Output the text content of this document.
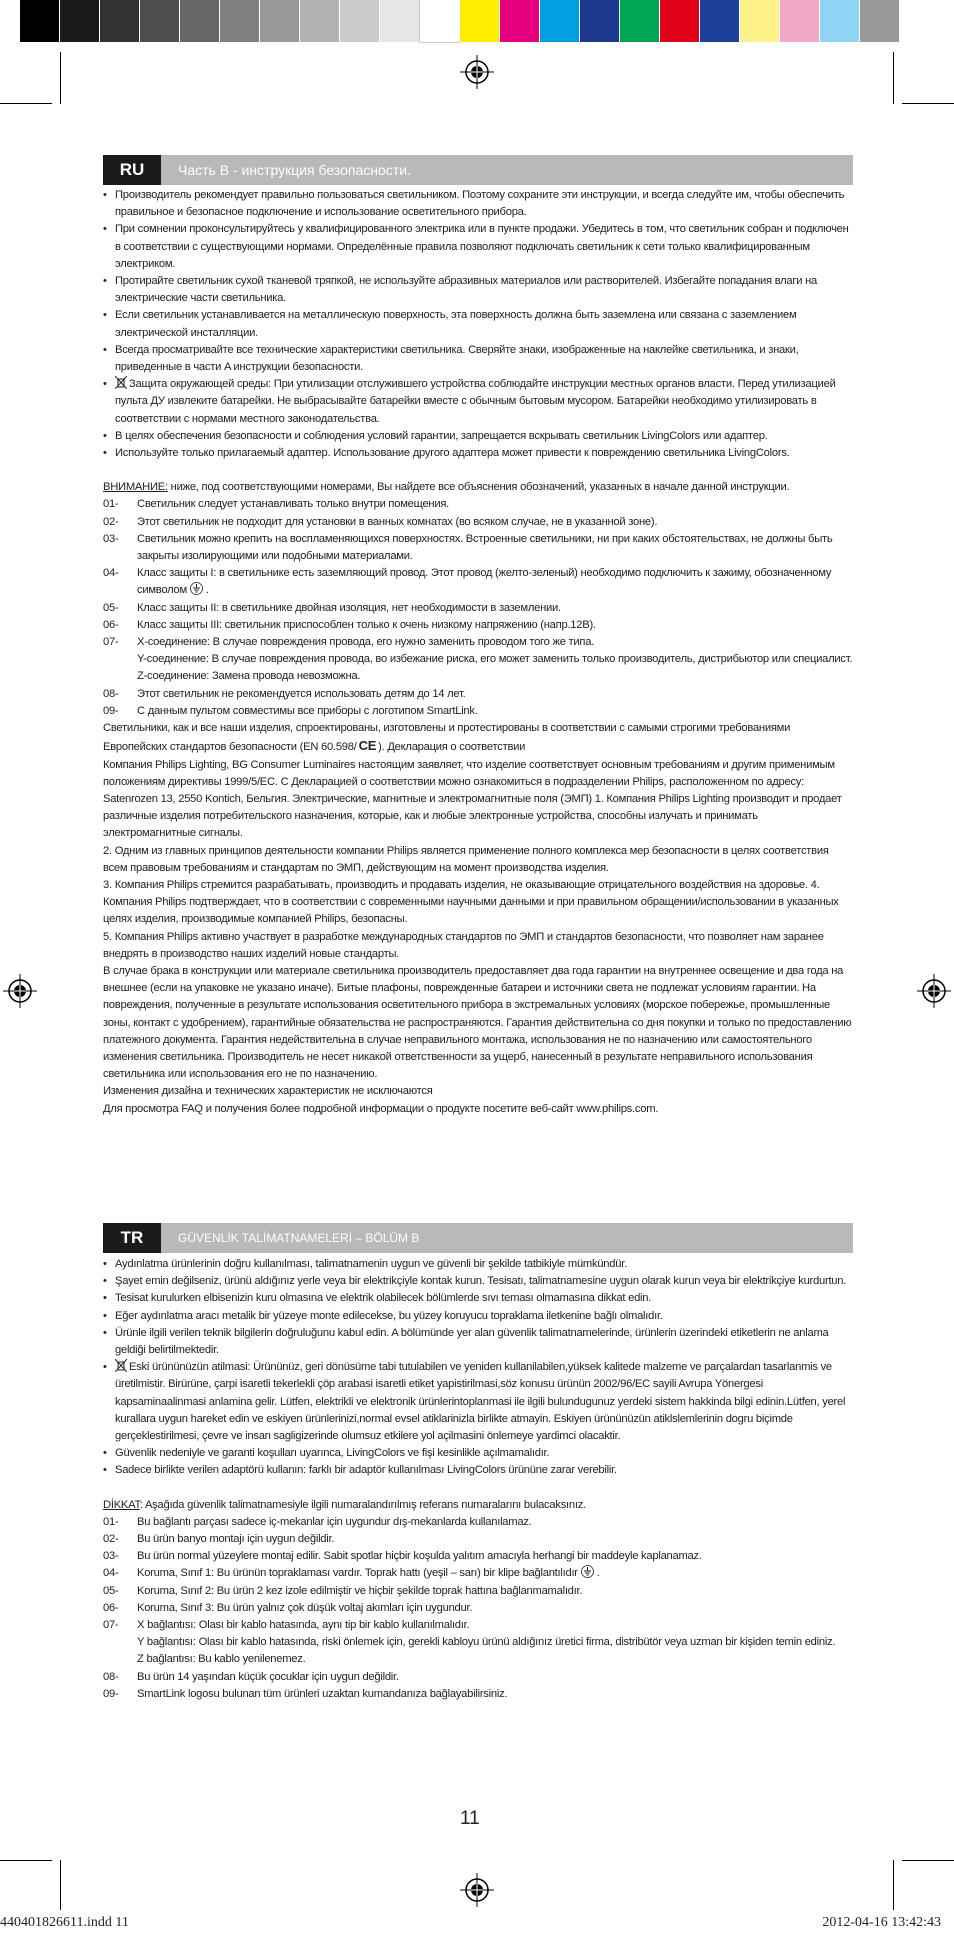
RU	Часть B - инструкция безопасности.
• Производитель рекомендует правильно пользоваться светильником. Поэтому сохраните эти инструкции, и всегда следуйте им, чтобы обеспечить правильное и безопасное подключение и использование осветительного прибора.
• При сомнении проконсультируйтесь у квалифицированного электрика или в пункте продажи. Убедитесь в том, что светильник собран и подключен в соответствии с существующими нормами. Определённые правила позволяют подключать светильник к сети только квалифицированным электриком.
• Протирайте светильник сухой тканевой тряпкой, не используйте абразивных материалов или растворителей. Избегайте попадания влаги на электрические части светильника.
• Если светильник устанавливается на металлическую поверхность, эта поверхность должна быть заземлена или связана с заземлением электрической инсталляции.
• Всегда просматривайте все технические характеристики светильника. Сверяйте знаки, изображенные на наклейке светильника, и знаки, приведенные в части A инструкции безопасности.
• Защита окружающей среды: При утилизации отслужившего устройства соблюдайте инструкции местных органов власти. Перед утилизацией пульта ДУ извлеките батарейки. Не выбрасывайте батарейки вместе с обычным бытовым мусором. Батарейки необходимо утилизировать в соответствии с нормами местного законодательства.
• В целях обеспечения безопасности и соблюдения условий гарантии, запрещается вскрывать светильник LivingColors или адаптер.
• Используйте только прилагаемый адаптер. Использование другого адаптера может привести к повреждению светильника LivingColors.

ВНИМАНИЕ: ниже, под соответствующими номерами, Вы найдете все объяснения обозначений, указанных в начале данной инструкции.

01-	Светильник следует устанавливать только внутри помещения.
02-	Этот светильник не подходит для установки в ванных комнатах (во всяком случае, не в указанной зоне).
03-	Светильник можно крепить на воспламеняющихся поверхностях. Встроенные светильники, ни при каких обстоятельствах, не должны быть закрыты изолирующими или подобными материалами.
04-	Класс защиты I: в светильнике есть заземляющий провод. Этот провод (желто-зеленый) необходимо подключить к зажиму, обозначенному символом .
05-	Класс защиты II: в светильнике двойная изоляция, нет необходимости в заземлении.
06-	Класс защиты III: светильник приспособлен только к очень низкому напряжению (напр.12В).
07-	X-соединение: В случае повреждения провода, его нужно заменить проводом того же типа.
Y-соединение: В случае повреждения провода, во избежание риска, его может заменить только производитель, дистрибьютор или специалист. Z-соединение: Замена провода невозможна.
08-	Этот светильник не рекомендуется использовать детям до 14 лет.
09-	С данным пультом совместимы все приборы с логотипом SmartLink.

Светильники, как и все наши изделия, спроектированы, изготовлены и протестированы в соответствии с самыми строгими требованиями Европейских стандартов безопасности (EN 60.598/ CE ). Декларация о соответствии

Компания Philips Lighting, BG Consumer Luminaires настоящим заявляет, что изделие соответствует основным требованиям и другим применимым положениям директивы 1999/5/EC. С Декларацией о соответствии можно ознакомиться в подразделении Philips, расположенном по адресу: Satenrozen 13, 2550 Kontich, Бельгия. Электрические, магнитные и электромагнитные поля (ЭМП) 1. Компания Philips Lighting производит и продает различные изделия потребительского назначения, которые, как и любые электронные устройства, способны излучать и принимать электромагнитные сигналы.

2. Одним из главных принципов деятельности компании Philips является применение полного комплекса мер безопасности в целях соответствия всем правовым требованиям и стандартам по ЭМП, действующим на момент производства изделия.

3. Компания Philips стремится разрабатывать, производить и продавать изделия, не оказывающие отрицательного воздействия на здоровье. 4. Компания Philips подтверждает, что в соответствии с современными научными данными и при правильном обращении/использовании в указанных целях изделия, производимые компанией Philips, безопасны.

5. Компания Philips активно участвует в разработке международных стандартов по ЭМП и стандартов безопасности, что позволяет нам заранее внедрять в производство наших изделий новые стандарты.

В случае брака в конструкции или материале светильника производитель предоставляет два года гарантии на внутреннее освещение и два года на внешнее (если на упаковке не указано иначе). Битые плафоны, поврежденные батареи и источники света не подлежат условиям гарантии. На повреждения, полученные в результате использования осветительного прибора в экстремальных условиях (морское побережье, промышленные зоны, контакт с удобрением), гарантийные обязательства не распространяются. Гарантия действительна со дня покупки и только по предоставлению платежного документа. Гарантия недействительна в случае неправильного монтажа, использования не по назначению или самостоятельного изменения светильника. Производитель не несет никакой ответственности за ущерб, нанесенный в результате неправильного использования светильника или использования его не по назначению.

Изменения дизайна и технических характеристик не исключаются

Для просмотра FAQ и получения более подробной информации о продукте посетите веб-сайт www.philips.com.

TR	GÜVENLİK TALİMATNAMELERİ – BÖLÜM B
• Aydınlatma ürünlerinin doğru kullanılması, talimatnamenin uygun ve güvenli bir şekilde tatbikiyle mümkündür.
• Şayet emin değilseniz, ürünü aldığınız yerle veya bir elektrikçiyle kontak kurun. Tesisatı, talimatnamesine uygun olarak kurun veya bir elektrikçiye kurdurtun.
• Tesisat kurulurken elbisenizin kuru olmasına ve elektrik olabilecek bölümlerde sıvı teması olmamasına dikkat edin.
• Eğer aydınlatma aracı metalik bir yüzeye monte edilecekse, bu yüzey koruyucu topraklama iletkenine bağlı olmalıdır.
• Ürünle ilgili verilen teknik bilgilerin doğruluğunu kabul edin. A bölümünde yer alan güvenlik talimatnamelerinde, ürünlerin üzerindeki etiketlerin ne anlama geldiği belirtilmektedir.
• Eski ürününüzün atilmasi: Ürününüz, geri dönüsüme tabi tutulabilen ve yeniden kullanilabilen,yüksek kalitede malzeme ve parçalardan tasarlanmis ve üretilmistir. Birürüne, çarpi isaretli tekerlekli çöp arabasi isaretli etiket yapistirilmasi,söz konusu ürünün 2002/96/EC sayili Avrupa Yönergesi kapsaminaalinmasi anlamina gelir. Lütfen, elektrikli ve elektronik ürünlerintoplanmasi ile ilgili bulundugunuz yerdeki sistem hakkinda bilgi edinin.Lütfen, yerel kurallara uygun hareket edin ve eskiyen ürünlerinizi,normal evsel atiklarinizla birlikte atmayin. Eskiyen ürününüzün atiklslemlerinin dogru biçimde gerçeklestirilmesi, çevre ve insan sagligizerinde olumsuz etkilere yol açilmasini önlemeye yardimci olacaktir.
• Güvenlik nedeniyle ve garanti koşulları uyarınca, LivingColors ve fişi kesinlikle açılmamalıdır.
• Sadece birlikte verilen adaptörü kullanın: farklı bir adaptör kullanılması LivingColors ürününe zarar verebilir.

DİKKAT: Aşağıda güvenlik talimatnamesiyle ilgili numaralandırılmış referans numaralarını bulacaksınız.

01-	Bu bağlantı parçası sadece iç-mekanlar için uygundur dış-mekanlarda kullanılamaz.
02-	Bu ürün banyo montajı için uygun değildir.
03-	Bu ürün normal yüzeylere montaj edilir. Sabit spotlar hiçbir koşulda yalıtım amacıyla herhangi bir maddeyle kaplanamaz.
04-	Koruma, Sınıf 1: Bu ürünün topraklaması vardır. Toprak hattı (yeşil – sarı) bir klipe bağlantılıdır .
05-	Koruma, Sınıf 2: Bu ürün 2 kez izole edilmiştir ve hiçbir şekilde toprak hattına bağlanmamalıdır.
06-	Koruma, Sınıf 3: Bu ürün yalnız çok düşük voltaj akımları için uygundur.
07-	X bağlantısı: Olası bir kablo hatasında, aynı tip bir kablo kullanılmalıdır.
Y bağlantısı: Olası bir kablo hatasında, riski önlemek için, gerekli kabloyu ürünü aldığınız üretici firma, distribütör veya uzman bir kişiden temin ediniz.
Z bağlantısı: Bu kablo yenilenemez.
08-	Bu ürün 14 yaşından küçük çocuklar için uygun değildir.
09-	SmartLink logosu bulunan tüm ürünleri uzaktan kumandanıza bağlayabilirsiniz.
11
440401826611.indd 11	2012-04-16 13:42:43
